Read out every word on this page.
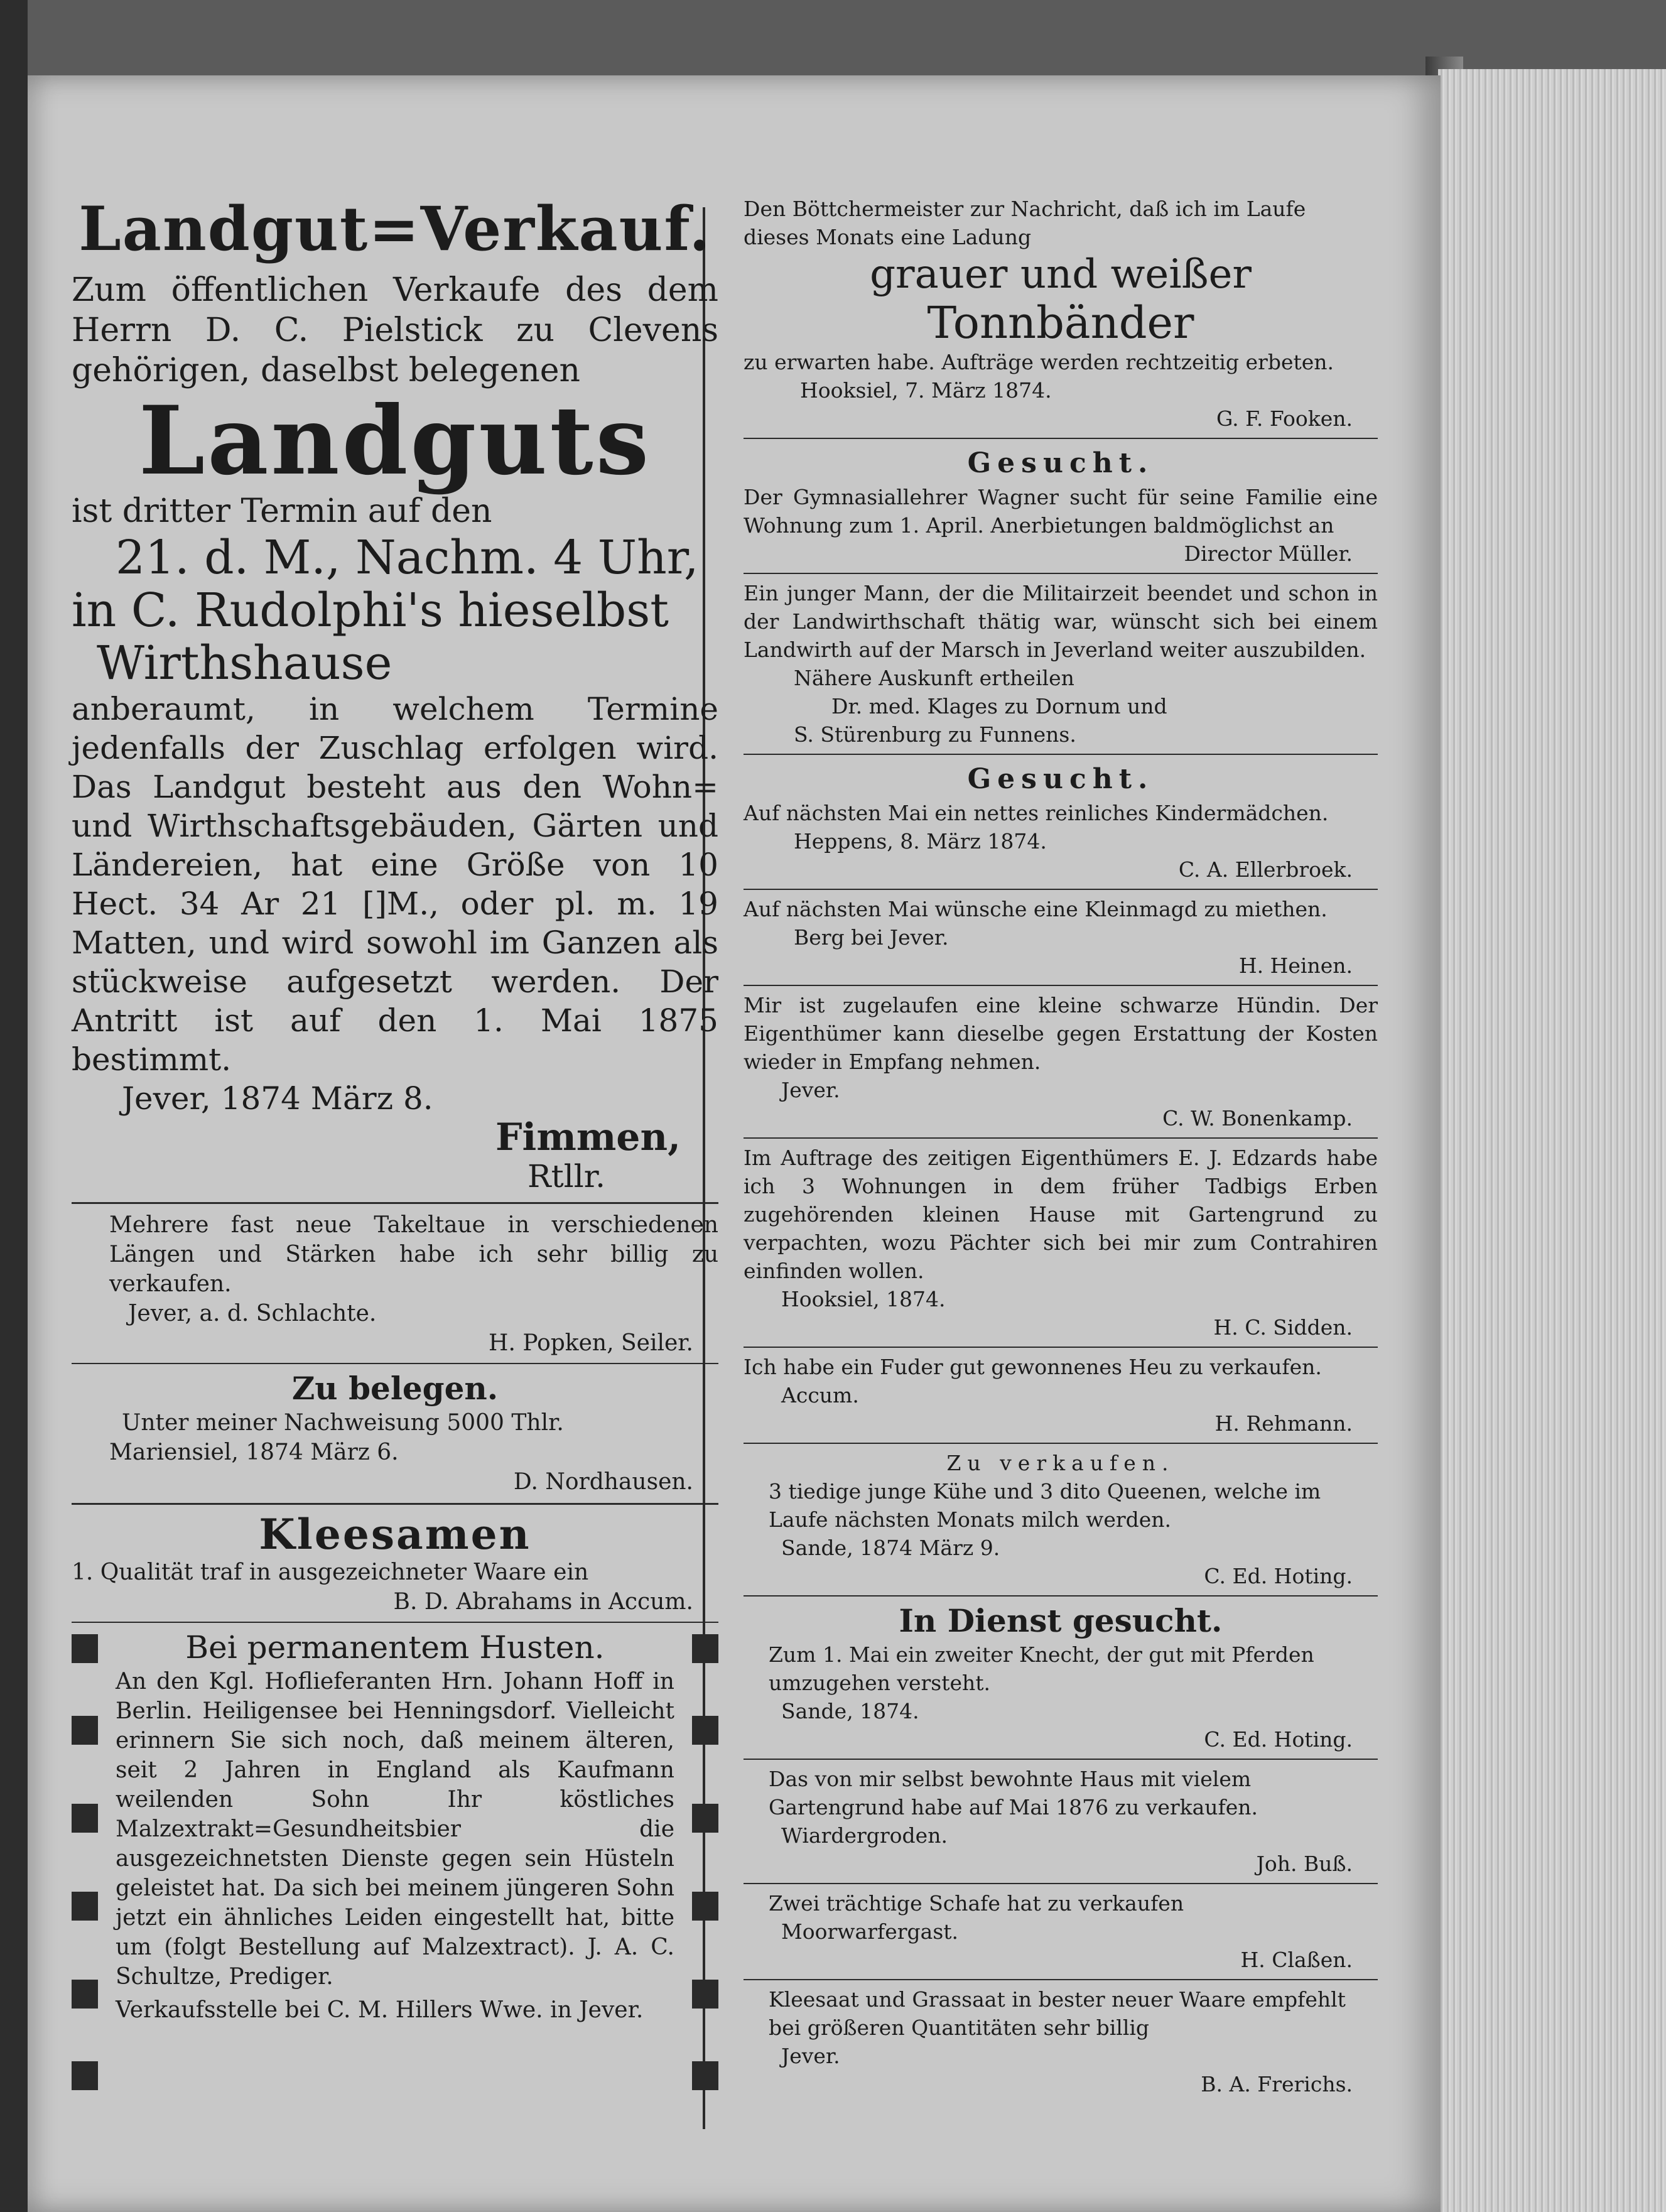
Landgut=Verkauf.

Zum öffentlichen Verkaufe des dem Herrn D. C. Pielstick zu Clevens gehörigen, daselbst belegenen

Landguts

ist dritter Termin auf den

21. d. M., Nachm. 4 Uhr,

in C. Rudolphi's hieselbst

Wirthshause

anberaumt, in welchem Termine jedenfalls der Zuschlag erfolgen wird. Das Landgut besteht aus den Wohn= und Wirthschaftsgebäuden, Gärten und Ländereien, hat eine Größe von 10 Hect. 34 Ar 21 []M., oder pl. m. 19 Matten, und wird sowohl im Ganzen als stückweise aufgesetzt werden. Der Antritt ist auf den 1. Mai 1875 bestimmt.

Jever, 1874 März 8.

Fimmen,

Rtllr.

Mehrere fast neue Takeltaue in verschiedenen Längen und Stärken habe ich sehr billig zu verkaufen.

Jever, a. d. Schlachte.

H. Popken, Seiler.

Zu belegen.

Unter meiner Nachweisung 5000 Thlr.

Mariensiel, 1874 März 6.

D. Nordhausen.

Kleesamen

1. Qualität traf in ausgezeichneter Waare ein

B. D. Abrahams in Accum.

Bei permanentem Husten.

An den Kgl. Hoflieferanten Hrn. Johann Hoff in Berlin. Heiligensee bei Henningsdorf. Vielleicht erinnern Sie sich noch, daß meinem älteren, seit 2 Jahren in England als Kaufmann weilenden Sohn Ihr köstliches Malzextrakt=Gesundheitsbier die ausgezeichnetsten Dienste gegen sein Hüsteln geleistet hat. Da sich bei meinem jüngeren Sohn jetzt ein ähnliches Leiden eingestellt hat, bitte um (folgt Bestellung auf Malzextract). J. A. C. Schultze, Prediger.

Verkaufsstelle bei C. M. Hillers Wwe. in Jever.

Den Böttchermeister zur Nachricht, daß ich im Laufe dieses Monats eine Ladung

grauer und weißer

Tonnbänder

zu erwarten habe. Aufträge werden rechtzeitig erbeten.

Hooksiel, 7. März 1874.

G. F. Fooken.

Gesucht.

Der Gymnasiallehrer Wagner sucht für seine Familie eine Wohnung zum 1. April. Anerbietungen baldmöglichst an

Director Müller.

Ein junger Mann, der die Militairzeit beendet und schon in der Landwirthschaft thätig war, wünscht sich bei einem Landwirth auf der Marsch in Jeverland weiter auszubilden.

Nähere Auskunft ertheilen

Dr. med. Klages zu Dornum und

S. Stürenburg zu Funnens.

Gesucht.

Auf nächsten Mai ein nettes reinliches Kindermädchen.

Heppens, 8. März 1874.

C. A. Ellerbroek.

Auf nächsten Mai wünsche eine Kleinmagd zu miethen.

Berg bei Jever.

H. Heinen.

Mir ist zugelaufen eine kleine schwarze Hündin. Der Eigenthümer kann dieselbe gegen Erstattung der Kosten wieder in Empfang nehmen.

Jever.

C. W. Bonenkamp.

Im Auftrage des zeitigen Eigenthümers E. J. Edzards habe ich 3 Wohnungen in dem früher Tadbigs Erben zugehörenden kleinen Hause mit Gartengrund zu verpachten, wozu Pächter sich bei mir zum Contrahiren einfinden wollen.

Hooksiel, 1874.

H. C. Sidden.

Ich habe ein Fuder gut gewonnenes Heu zu verkaufen.

Accum.

H. Rehmann.

Zu verkaufen.

3 tiedige junge Kühe und 3 dito Queenen, welche im Laufe nächsten Monats milch werden.

Sande, 1874 März 9.

C. Ed. Hoting.

In Dienst gesucht.

Zum 1. Mai ein zweiter Knecht, der gut mit Pferden umzugehen versteht.

Sande, 1874.

C. Ed. Hoting.

Das von mir selbst bewohnte Haus mit vielem Gartengrund habe auf Mai 1876 zu verkaufen.

Wiardergroden.

Joh. Buß.

Zwei trächtige Schafe hat zu verkaufen

Moorwarfergast.

H. Claßen.

Kleesaat und Grassaat in bester neuer Waare empfehlt bei größeren Quantitäten sehr billig

Jever.

B. A. Frerichs.
